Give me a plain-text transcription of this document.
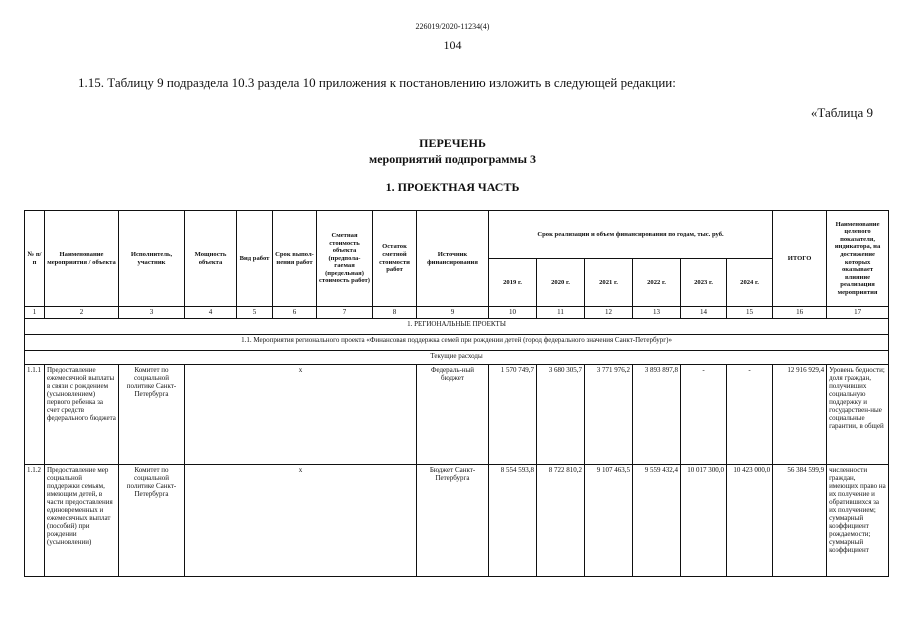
226019/2020-11234(4)
104
1.15. Таблицу 9 подраздела 10.3 раздела 10 приложения к постановлению изложить в следующей редакции:
«Таблица 9
ПЕРЕЧЕНЬ
мероприятий подпрограммы 3
1. ПРОЕКТНАЯ ЧАСТЬ
№ п/п	Наименование мероприятия / объекта	Исполнитель, участник	Мощность объекта	Вид работ	Срок выпол-нения работ	Сметная стоимость объекта (предпола-гаемая (предельная) стоимость работ)	Остаток сметной стоимости работ	Источник финансирования	Срок реализации и объем финансирования по годам, тыс. руб.						ИТОГО	Наименование целевого показателя, индикатора, на достижение которых оказывает влияние реализация мероприятия
									2019 г.	2020 г.	2021 г.	2022 г.	2023 г.	2024 г.		
1	2	3	4	5	6	7	8	9	10	11	12	13	14	15	16	17
1. РЕГИОНАЛЬНЫЕ ПРОЕКТЫ																
1.1. Мероприятия регионального проекта «Финансовая поддержка семей при рождении детей (город федерального значения Санкт-Петербург)»																
Текущие расходы																
1.1.1	Предоставление ежемесячной выплаты в связи с рождением (усыновлением) первого ребенка за счет средств федерального бюджета	Комитет по социальной политике Санкт-Петербурга	x					Федераль-ный бюджет	1 570 749,7	3 680 305,7	3 771 976,2	3 893 897,8	-	-	12 916 929,4	Уровень бедности; доля граждан, получивших социальную поддержку и государствен-ные социальные гарантии, в общей
1.1.2	Предоставление мер социальной поддержки семьям, имеющим детей, в части предоставления единовременных и ежемесячных выплат (пособий) при рождении (усыновлении)	Комитет по социальной политике Санкт-Петербурга	x					Бюджет Санкт-Петербурга	8 554 593,8	8 722 810,2	9 107 463,5	9 559 432,4	10 017 300,0	10 423 000,0	56 384 599,9	численности граждан, имеющих право на их получение и обратившихся за их получением; суммарный коэффициент рождаемости; суммарный коэффициент
